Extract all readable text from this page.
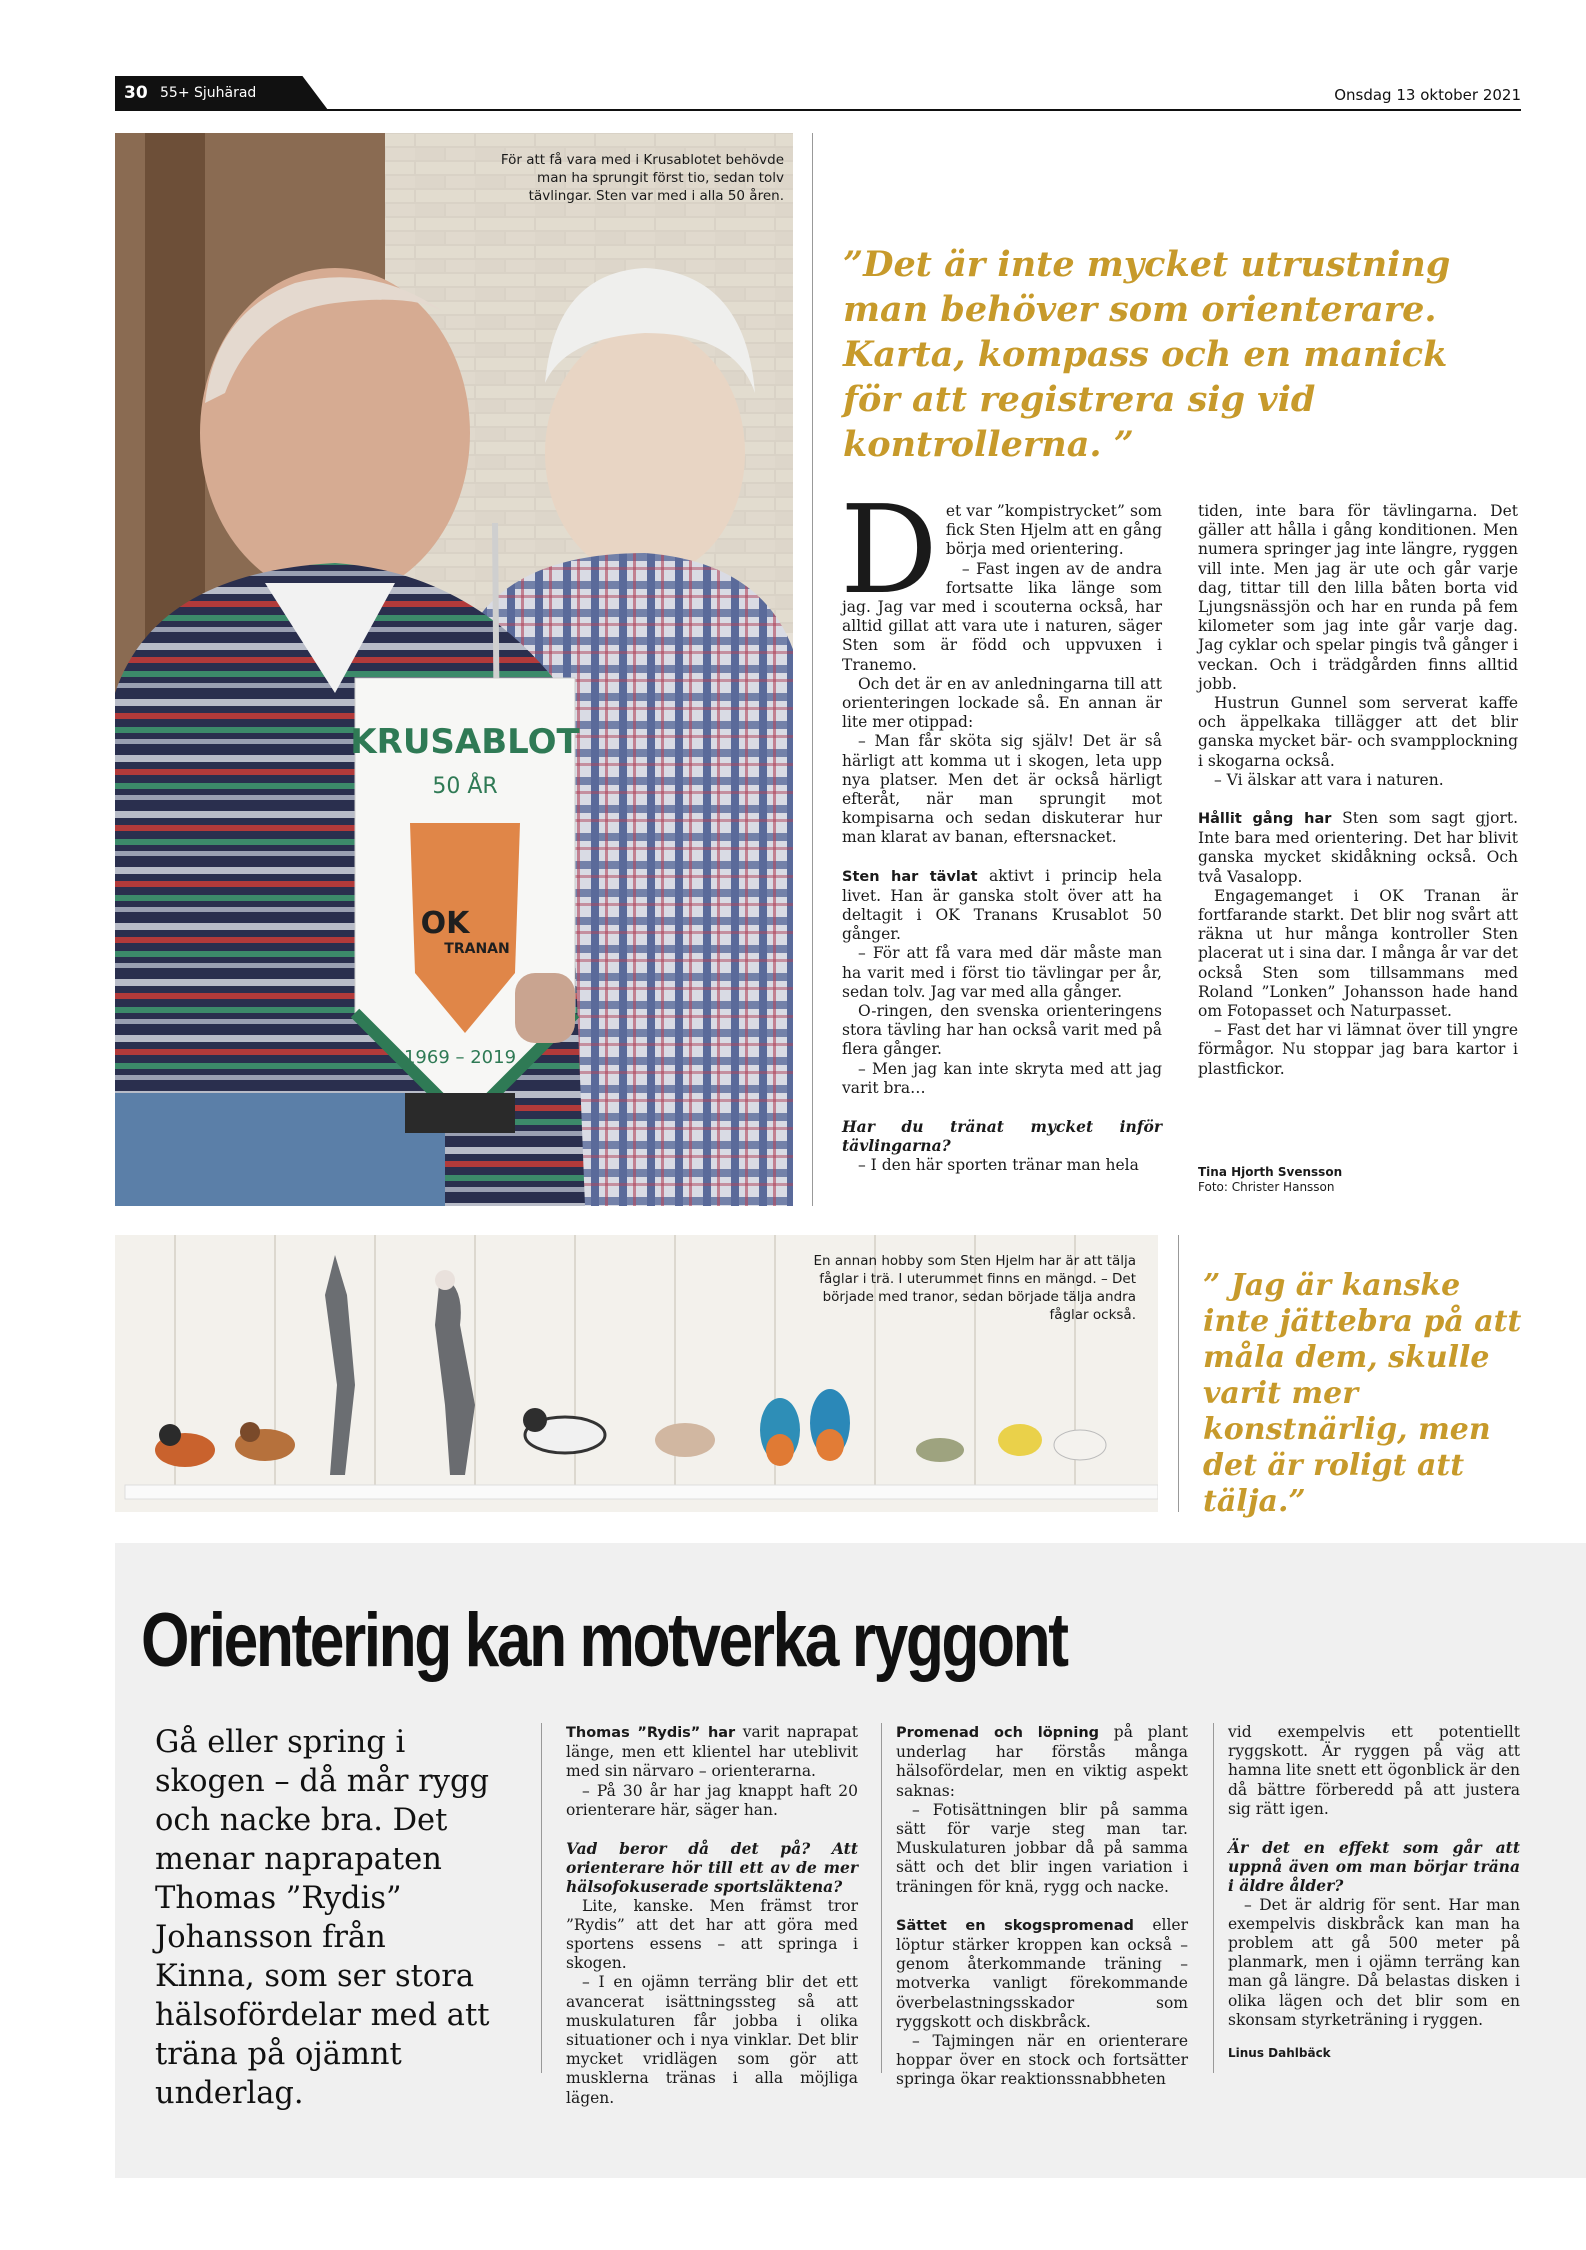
30 55+ Sjuhärad	Onsdag 13 oktober 2021
KRUSABLOT
50 ÅR
OK
TRANAN
1969 – 2019
För att få vara med i Krusablotet behövde man ha sprungit först tio, sedan tolv tävlingar. Sten var med i alla 50 åren.
”Det är inte mycket utrustning man behöver som orienterare. Karta, kompass och en manick för att registrera sig vid kontrollerna. ”
D et var ”kompistrycket” som fick Sten Hjelm att en gång börja med orientering.

– Fast ingen av de andra fortsatte lika länge som jag. Jag var med i scouterna också, har alltid gillat att vara ute i naturen, säger Sten som är född och uppvuxen i Tranemo.

Och det är en av anledningarna till att orienteringen lockade så. En annan är lite mer otippad:

– Man får sköta sig själv! Det är så härligt att komma ut i skogen, leta upp nya platser. Men det är också härligt efteråt, när man sprungit mot kompisarna och sedan diskuterar hur man klarat av banan, eftersnacket.

Sten har tävlat aktivt i princip hela livet. Han är ganska stolt över att ha deltagit i OK Tranans Krusablot 50 gånger.

– För att få vara med där måste man ha varit med i först tio tävlingar per år, sedan tolv. Jag var med alla gånger.

O-ringen, den svenska orienteringens stora tävling har han också varit med på flera gånger.

– Men jag kan inte skryta med att jag varit bra…

Har du tränat mycket inför tävlingarna?

– I den här sporten tränar man hela

tiden, inte bara för tävlingarna. Det gäller att hålla i gång konditionen. Men numera springer jag inte längre, ryggen vill inte. Men jag är ute och går varje dag, tittar till den lilla båten borta vid Ljungsnässjön och har en runda på fem kilometer som jag inte går varje dag. Jag cyklar och spelar pingis två gånger i veckan. Och i trädgården finns alltid jobb.

Hustrun Gunnel som serverat kaffe och äppelkaka tillägger att det blir ganska mycket bär- och svampplockning i skogarna också.

– Vi älskar att vara i naturen.

Hållit gång har Sten som sagt gjort. Inte bara med orientering. Det har blivit ganska mycket skidåkning också. Och två Vasalopp.

Engagemanget i OK Tranan är fortfarande starkt. Det blir nog svårt att räkna ut hur många kontroller Sten placerat ut i sina dar. I många år var det också Sten som tillsammans med Roland ”Lonken” Johansson hade hand om Fotopasset och Naturpasset.

– Fast det har vi lämnat över till yngre förmågor. Nu stoppar jag bara kartor i plastfickor.

Tina Hjorth Svensson
Foto: Christer Hansson
En annan hobby som Sten Hjelm har är att tälja fåglar i trä. I uterummet finns en mängd. – Det började med tranor, sedan började tälja andra fåglar också.
” Jag är kanske inte jättebra på att måla dem, skulle varit mer konstnärlig, men det är roligt att tälja.”
Orientering kan motverka ryggont
Gå eller spring i skogen – då mår rygg och nacke bra. Det menar naprapaten Thomas ”Rydis” Johansson från Kinna, som ser stora hälsofördelar med att träna på ojämnt underlag.

Thomas ”Rydis” har varit naprapat länge, men ett klientel har uteblivit med sin närvaro – orienterarna.

– På 30 år har jag knappt haft 20 orienterare här, säger han.

Vad beror då det på? Att orienterare hör till ett av de mer hälsofokuserade sportsläktena?

Lite, kanske. Men främst tror ”Rydis” att det har att göra med sportens essens – att springa i skogen.

– I en ojämn terräng blir det ett avancerat isättningssteg så att muskulaturen får jobba i olika situationer och i nya vinklar. Det blir mycket vridlägen som gör att musklerna tränas i alla möjliga lägen.

Promenad och löpning på plant underlag har förstås många hälsofördelar, men en viktig aspekt saknas:

– Fotisättningen blir på samma sätt för varje steg man tar. Muskulaturen jobbar då på samma sätt och det blir ingen variation i träningen för knä, rygg och nacke.

Sättet en skogspromenad eller löptur stärker kroppen kan också – genom återkommande träning – motverka vanligt förekommande överbelastningsskador som ryggskott och diskbråck.

– Tajmingen när en orienterare hoppar över en stock och fortsätter springa ökar reaktionssnabbheten

vid exempelvis ett potentiellt ryggskott. Är ryggen på väg att hamna lite snett ett ögonblick är den då bättre förberedd på att justera sig rätt igen.

Är det en effekt som går att uppnå även om man börjar träna i äldre ålder?

– Det är aldrig för sent. Har man exempelvis diskbråck kan man ha problem att gå 500 meter på planmark, men i ojämn terräng kan man gå längre. Då belastas disken i olika lägen och det blir som en skonsam styrketräning i ryggen.

Linus Dahlbäck
